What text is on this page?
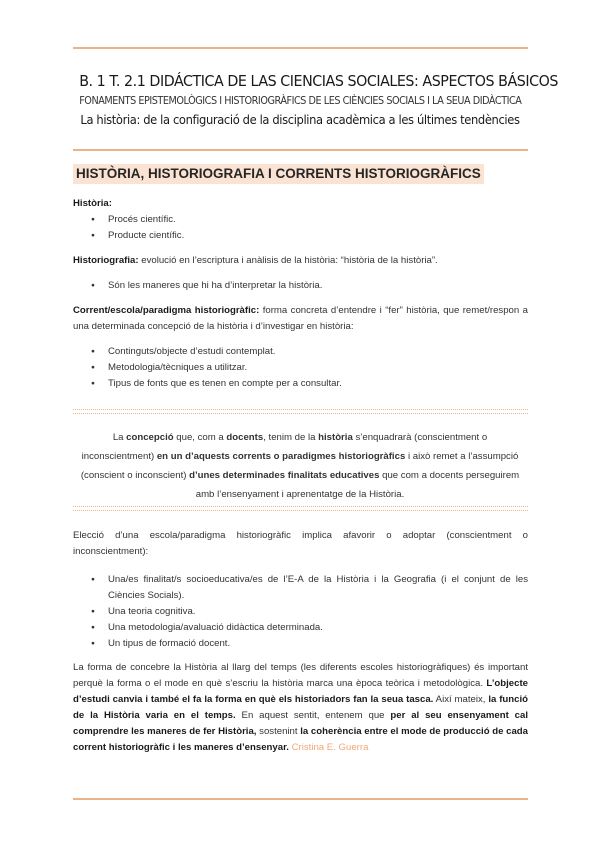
B. 1 T. 2.1 DIDÁCTICA DE LAS CIENCIAS SOCIALES: ASPECTOS BÁSICOS
FONAMENTS EPISTEMOLÒGICS I HISTORIOGRÀFICS DE LES CIÈNCIES SOCIALS I LA SEUA DIDÀCTICA
La història: de la configuració de la disciplina acadèmica a les últimes tendències
HISTÒRIA, HISTORIOGRAFIA I CORRENTS HISTORIOGRÀFICS
Història:
● Procés científic.
● Producte científic.
Historiografia: evolució en l’escriptura i anàlisis de la història: “història de la història”.
● Són les maneres que hi ha d’interpretar la història.
Corrent/escola/paradigma historiogràfic: forma concreta d’entendre i “fer” història, que remet/respon a una determinada concepció de la història i d’investigar en història:
● Continguts/objecte d’estudi contemplat.
● Metodologia/tècniques a utilitzar.
● Tipus de fonts que es tenen en compte per a consultar.
La concepció que, com a docents, tenim de la història s’enquadrarà (conscientment o inconscientment) en un d’aquests corrents o paradigmes historiogràfics i això remet a l’assumpció (conscient o inconscient) d’unes determinades finalitats educatives que com a docents perseguirem amb l’ensenyament i aprenentatge de la Història.
Elecció d’una escola/paradigma historiogràfic implica afavorir o adoptar (conscientment o inconscientment):
● Una/es finalitat/s socioeducativa/es de l’E-A de la Història i la Geografia (i el conjunt de les Ciències Socials).
● Una teoria cognitiva.
● Una metodologia/avaluació didàctica determinada.
● Un tipus de formació docent.
La forma de concebre la Història al llarg del temps (les diferents escoles historiogràfiques) és important perquè la forma o el mode en què s’escriu la història marca una època teòrica i metodològica. L’objecte d’estudi canvia i també el fa la forma en què els historiadors fan la seua tasca. Així mateix, la funció de la Història varia en el temps. En aquest sentit, entenem que per al seu ensenyament cal comprendre les maneres de fer Història, sostenint la coherència entre el mode de producció de cada corrent historiogràfic i les maneres d’ensenyar. Cristina E. Guerra
